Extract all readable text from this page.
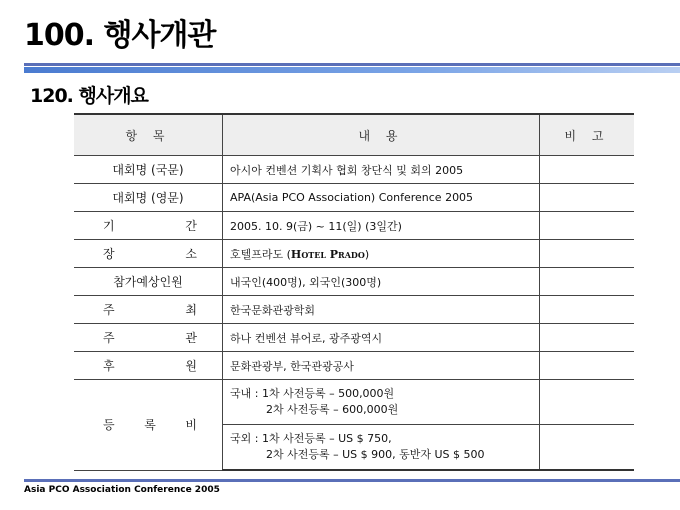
100. 행사개관
120. 행사개요
항 목	내 용	비 고
대회명 (국문)	아시아 컨벤션 기획사 협회 창단식 및 회의 2005	
대회명 (영문)	APA(Asia PCO Association) Conference 2005	

기 간	2005. 10. 9(금) ~ 11(일) (3일간)	

장 소	호텔프라도 (Hotel Prado)	
참가예상인원	내국인(400명), 외국인(300명)	

주 최	한국문화관광학회	

주 관	하나 컨벤션 뷰어로, 광주광역시	

후 원	문화관광부, 한국관광공사	

등 록 비	국내 : 1차 사전등록 – 500,000원
2차 사전등록 – 600,000원	

	국외 : 1차 사전등록 – US $ 750,
2차 사전등록 – US $ 900, 동반자 US $ 500	

Asia PCO Association Conference 2005
